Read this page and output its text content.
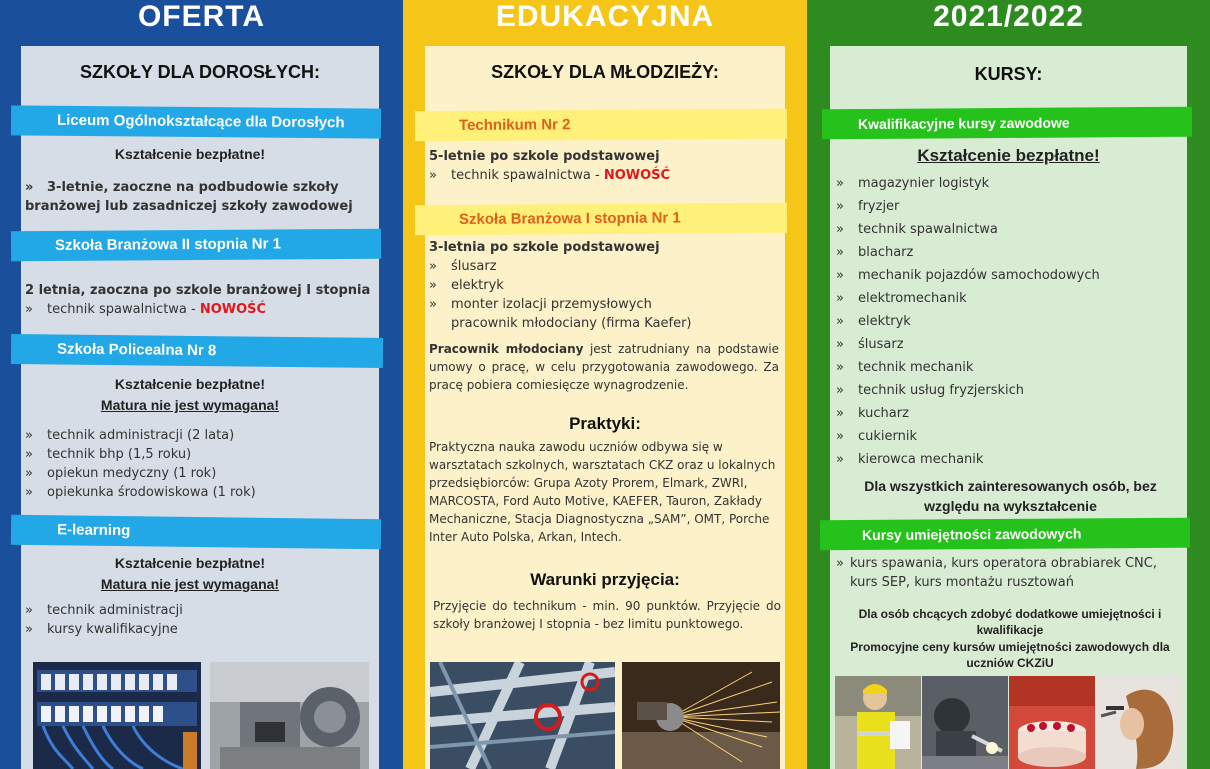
OFERTA
SZKOŁY DLA DOROSŁYCH:
Liceum Ogólnokształcące dla Dorosłych
Kształcenie bezpłatne!
» 3-letnie, zaoczne na podbudowie szkoły
branżowej lub zasadniczej szkoły zawodowej
Szkoła Branżowa II stopnia Nr 1
2 letnia, zaoczna po szkole branżowej I stopnia
» technik spawalnictwa - NOWOŚĆ
Szkoła Policealna Nr 8
Kształcenie bezpłatne!
Matura nie jest wymagana!
» technik administracji (2 lata)
» technik bhp (1,5 roku)
» opiekun medyczny (1 rok)
» opiekunka środowiskowa (1 rok)
E-learning
Kształcenie bezpłatne!
Matura nie jest wymagana!
» technik administracji
» kursy kwalifikacyjne
EDUKACYJNA
SZKOŁY DLA MŁODZIEŻY:
Technikum Nr 2
5-letnie po szkole podstawowej
» technik spawalnictwa - NOWOŚĆ
Szkoła Branżowa I stopnia Nr 1
3-letnia po szkole podstawowej
» ślusarz
» elektryk
» monter izolacji przemysłowych
pracownik młodociany (firma Kaefer)
Pracownik młodociany jest zatrudniany na podstawie umowy o pracę, w celu przygotowania zawodowego. Za pracę pobiera comiesięcze wynagrodzenie.
Praktyki:
Praktyczna nauka zawodu uczniów odbywa się w warsztatach szkolnych, warsztatach CKZ oraz u lokalnych przedsiębiorców: Grupa Azoty Prorem, Elmark, ZWRI, MARCOSTA, Ford Auto Motive, KAEFER, Tauron, Zakłady Mechaniczne, Stacja Diagnostyczna „SAM”, OMT, Porche Inter Auto Polska, Arkan, Intech.
Warunki przyjęcia:
Przyjęcie do technikum - min. 90 punktów. Przyjęcie do szkoły branżowej I stopnia - bez limitu punktowego.
2021/2022
KURSY:
Kwalifikacyjne kursy zawodowe
Kształcenie bezpłatne!
» magazynier logistyk
» fryzjer
» technik spawalnictwa
» blacharz
» mechanik pojazdów samochodowych
» elektromechanik
» elektryk
» ślusarz
» technik mechanik
» technik usług fryzjerskich
» kucharz
» cukiernik
» kierowca mechanik
Dla wszystkich zainteresowanych osób, bez względu na wykształcenie
Kursy umiejętności zawodowych
» kurs spawania, kurs operatora obrabiarek CNC,
kurs SEP, kurs montażu rusztowań
Dla osób chcących zdobyć dodatkowe umiejętności i kwalifikacje
Promocyjne ceny kursów umiejętności zawodowych dla uczniów CKZiU
